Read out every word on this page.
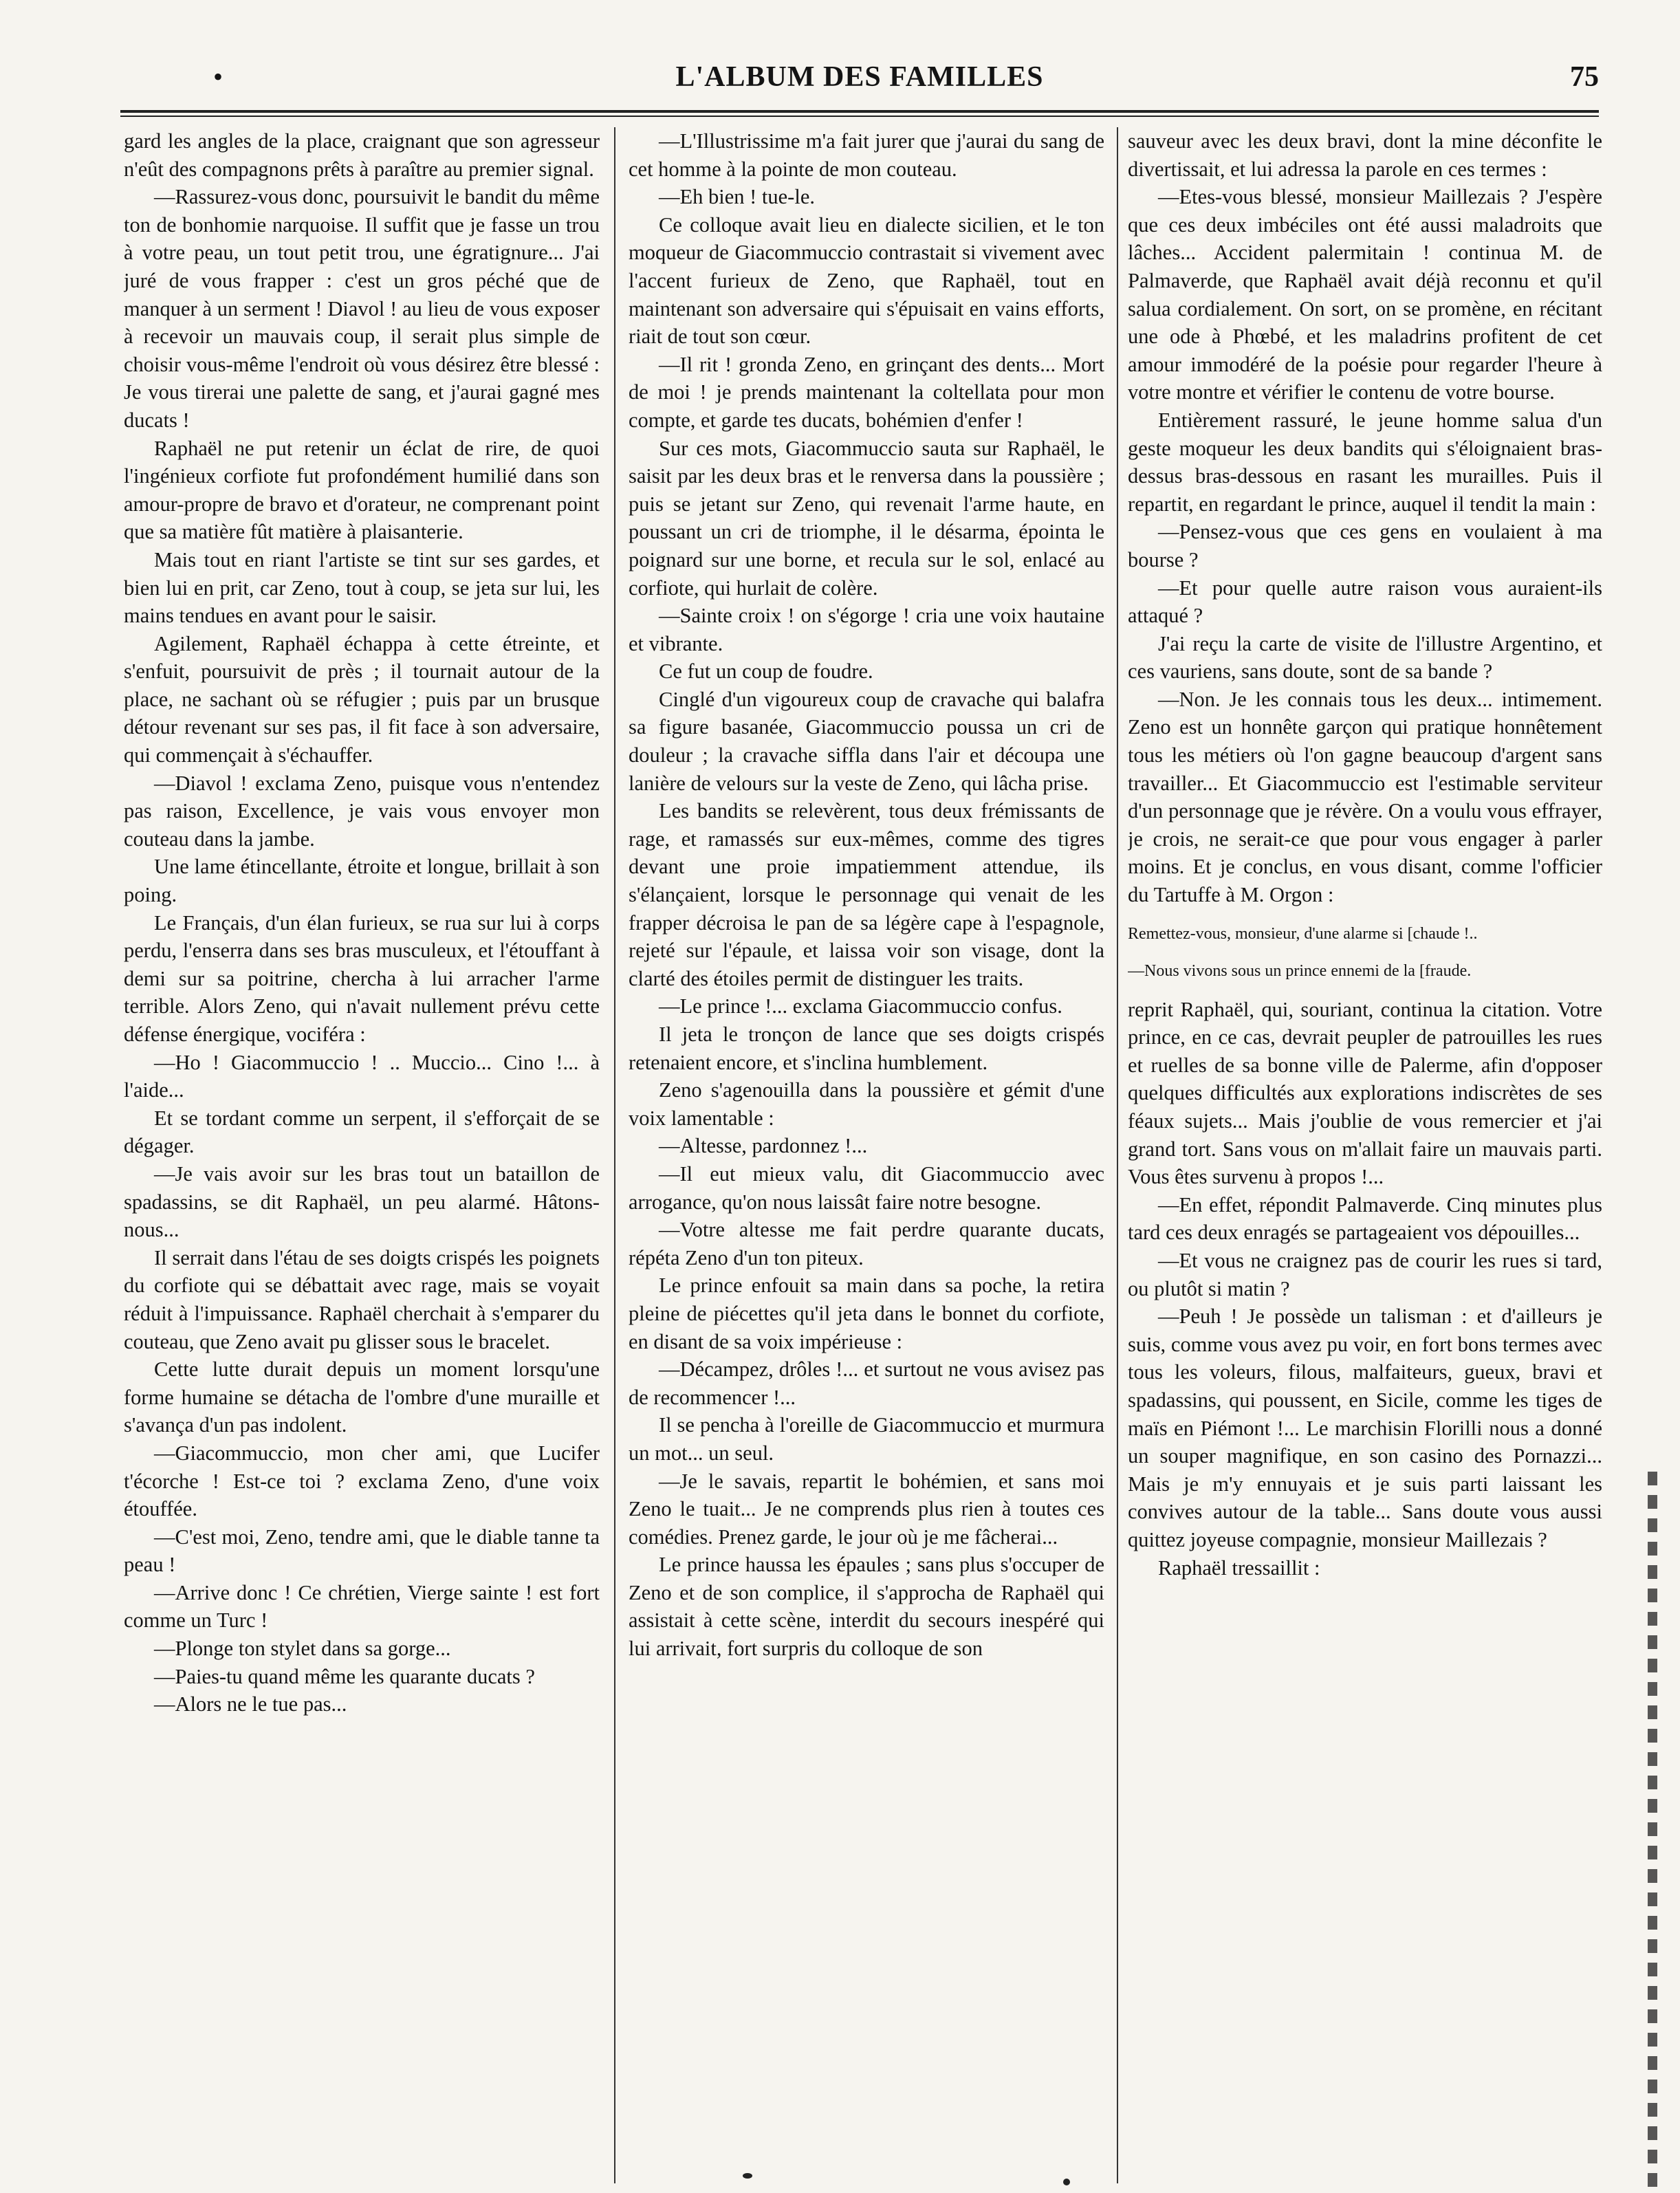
•	L'ALBUM DES FAMILLES	75

gard les angles de la place, craignant que son agresseur n'eût des compagnons prêts à paraître au premier signal.

—Rassurez-vous donc, poursuivit le bandit du même ton de bonhomie narquoise. Il suffit que je fasse un trou à votre peau, un tout petit trou, une égratignure... J'ai juré de vous frapper : c'est un gros péché que de manquer à un serment ! Diavol ! au lieu de vous exposer à recevoir un mauvais coup, il serait plus simple de choisir vous-même l'endroit où vous désirez être blessé : Je vous tirerai une palette de sang, et j'aurai gagné mes ducats !

Raphaël ne put retenir un éclat de rire, de quoi l'ingénieux corfiote fut profondément humilié dans son amour-propre de bravo et d'orateur, ne comprenant point que sa matière fût matière à plaisanterie.

Mais tout en riant l'artiste se tint sur ses gardes, et bien lui en prit, car Zeno, tout à coup, se jeta sur lui, les mains tendues en avant pour le saisir.

Agilement, Raphaël échappa à cette étreinte, et s'enfuit, poursuivit de près ; il tournait autour de la place, ne sachant où se réfugier ; puis par un brusque détour revenant sur ses pas, il fit face à son adversaire, qui commençait à s'échauffer.

—Diavol ! exclama Zeno, puisque vous n'entendez pas raison, Excellence, je vais vous envoyer mon couteau dans la jambe.

Une lame étincellante, étroite et longue, brillait à son poing.

Le Français, d'un élan furieux, se rua sur lui à corps perdu, l'enserra dans ses bras musculeux, et l'étouffant à demi sur sa poitrine, chercha à lui arracher l'arme terrible. Alors Zeno, qui n'avait nullement prévu cette défense énergique, vociféra :

—Ho ! Giacommuccio ! .. Muccio... Cino !... à l'aide...

Et se tordant comme un serpent, il s'efforçait de se dégager.

—Je vais avoir sur les bras tout un bataillon de spadassins, se dit Raphaël, un peu alarmé. Hâtons-nous...

Il serrait dans l'étau de ses doigts crispés les poignets du corfiote qui se débattait avec rage, mais se voyait réduit à l'impuissance. Raphaël cherchait à s'emparer du couteau, que Zeno avait pu glisser sous le bracelet.

Cette lutte durait depuis un moment lorsqu'une forme humaine se détacha de l'ombre d'une muraille et s'avança d'un pas indolent.

—Giacommuccio, mon cher ami, que Lucifer t'écorche ! Est-ce toi ? exclama Zeno, d'une voix étouffée.

—C'est moi, Zeno, tendre ami, que le diable tanne ta peau !

—Arrive donc ! Ce chrétien, Vierge sainte ! est fort comme un Turc !

—Plonge ton stylet dans sa gorge...

—Paies-tu quand même les quarante ducats ?

—Alors ne le tue pas...

—L'Illustrissime m'a fait jurer que j'aurai du sang de cet homme à la pointe de mon couteau.

—Eh bien ! tue-le.

Ce colloque avait lieu en dialecte sicilien, et le ton moqueur de Giacommuccio contrastait si vivement avec l'accent furieux de Zeno, que Raphaël, tout en maintenant son adversaire qui s'épuisait en vains efforts, riait de tout son cœur.

—Il rit ! gronda Zeno, en grinçant des dents... Mort de moi ! je prends maintenant la coltellata pour mon compte, et garde tes ducats, bohémien d'enfer !

Sur ces mots, Giacommuccio sauta sur Raphaël, le saisit par les deux bras et le renversa dans la poussière ; puis se jetant sur Zeno, qui revenait l'arme haute, en poussant un cri de triomphe, il le désarma, épointa le poignard sur une borne, et recula sur le sol, enlacé au corfiote, qui hurlait de colère.

—Sainte croix ! on s'égorge ! cria une voix hautaine et vibrante.

Ce fut un coup de foudre.

Cinglé d'un vigoureux coup de cravache qui balafra sa figure basanée, Giacommuccio poussa un cri de douleur ; la cravache siffla dans l'air et découpa une lanière de velours sur la veste de Zeno, qui lâcha prise.

Les bandits se relevèrent, tous deux frémissants de rage, et ramassés sur eux-mêmes, comme des tigres devant une proie impatiemment attendue, ils s'élançaient, lorsque le personnage qui venait de les frapper décroisa le pan de sa légère cape à l'espagnole, rejeté sur l'épaule, et laissa voir son visage, dont la clarté des étoiles permit de distinguer les traits.

—Le prince !... exclama Giacommuccio confus.

Il jeta le tronçon de lance que ses doigts crispés retenaient encore, et s'inclina humblement.

Zeno s'agenouilla dans la poussière et gémit d'une voix lamentable :

—Altesse, pardonnez !...

—Il eut mieux valu, dit Giacommuccio avec arrogance, qu'on nous laissât faire notre besogne.

—Votre altesse me fait perdre quarante ducats, répéta Zeno d'un ton piteux.

Le prince enfouit sa main dans sa poche, la retira pleine de piécettes qu'il jeta dans le bonnet du corfiote, en disant de sa voix impérieuse :

—Décampez, drôles !... et surtout ne vous avisez pas de recommencer !...

Il se pencha à l'oreille de Giacommuccio et murmura un mot... un seul.

—Je le savais, repartit le bohémien, et sans moi Zeno le tuait... Je ne comprends plus rien à toutes ces comédies. Prenez garde, le jour où je me fâcherai...

Le prince haussa les épaules ; sans plus s'occuper de Zeno et de son complice, il s'approcha de Raphaël qui assistait à cette scène, interdit du secours inespéré qui lui arrivait, fort surpris du colloque de son

sauveur avec les deux bravi, dont la mine déconfite le divertissait, et lui adressa la parole en ces termes :

—Etes-vous blessé, monsieur Maillezais ? J'espère que ces deux imbéciles ont été aussi maladroits que lâches... Accident palermitain ! continua M. de Palmaverde, que Raphaël avait déjà reconnu et qu'il salua cordialement. On sort, on se promène, en récitant une ode à Phœbé, et les maladrins profitent de cet amour immodéré de la poésie pour regarder l'heure à votre montre et vérifier le contenu de votre bourse.

Entièrement rassuré, le jeune homme salua d'un geste moqueur les deux bandits qui s'éloignaient bras-dessus bras-dessous en rasant les murailles. Puis il repartit, en regardant le prince, auquel il tendit la main :

—Pensez-vous que ces gens en voulaient à ma bourse ?

—Et pour quelle autre raison vous auraient-ils attaqué ?

J'ai reçu la carte de visite de l'illustre Argentino, et ces vauriens, sans doute, sont de sa bande ?

—Non. Je les connais tous les deux... intimement. Zeno est un honnête garçon qui pratique honnêtement tous les métiers où l'on gagne beaucoup d'argent sans travailler... Et Giacommuccio est l'estimable serviteur d'un personnage que je révère. On a voulu vous effrayer, je crois, ne serait-ce que pour vous engager à parler moins. Et je conclus, en vous disant, comme l'officier du Tartuffe à M. Orgon :

Remettez-vous, monsieur, d'une alarme si [chaude !..

—Nous vivons sous un prince ennemi de la [fraude.

reprit Raphaël, qui, souriant, continua la citation. Votre prince, en ce cas, devrait peupler de patrouilles les rues et ruelles de sa bonne ville de Palerme, afin d'opposer quelques difficultés aux explorations indiscrètes de ses féaux sujets... Mais j'oublie de vous remercier et j'ai grand tort. Sans vous on m'allait faire un mauvais parti. Vous êtes survenu à propos !...

—En effet, répondit Palmaverde. Cinq minutes plus tard ces deux enragés se partageaient vos dépouilles...

—Et vous ne craignez pas de courir les rues si tard, ou plutôt si matin ?

—Peuh ! Je possède un talisman : et d'ailleurs je suis, comme vous avez pu voir, en fort bons termes avec tous les voleurs, filous, malfaiteurs, gueux, bravi et spadassins, qui poussent, en Sicile, comme les tiges de maïs en Piémont !... Le marchisin Florilli nous a donné un souper magnifique, en son casino des Pornazzi... Mais je m'y ennuyais et je suis parti laissant les convives autour de la table... Sans doute vous aussi quittez joyeuse compagnie, monsieur Maillezais ?

Raphaël tressaillit :
